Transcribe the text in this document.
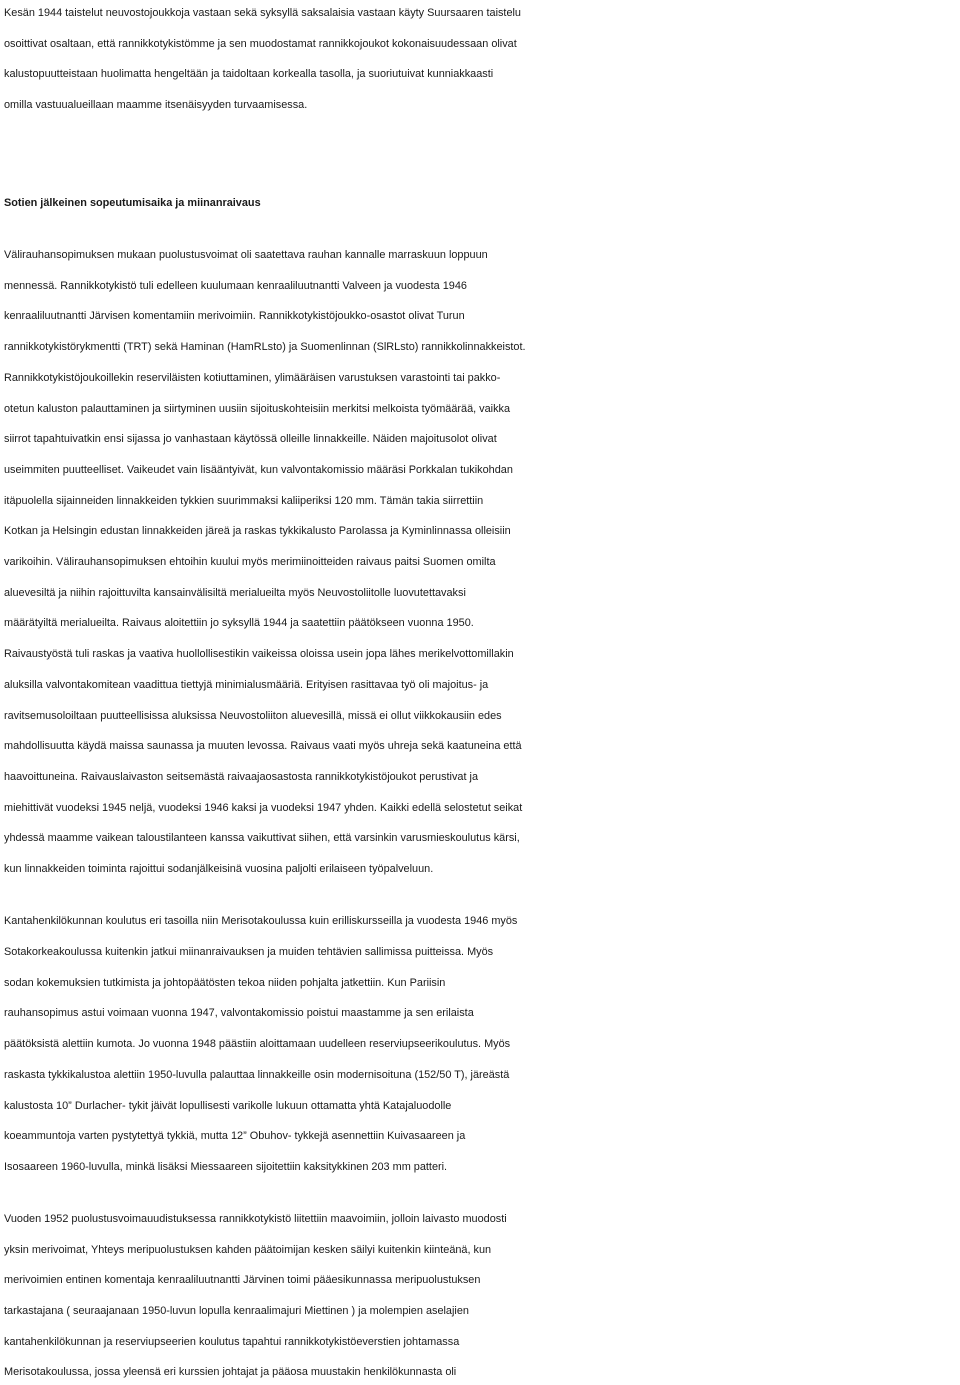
Kesän 1944 taistelut neuvostojoukkoja vastaan sekä syksyllä saksalaisia vastaan käyty Suursaaren taistelu

osoittivat osaltaan, että rannikkotykistömme ja sen muodostamat rannikkojoukot kokonaisuudessaan olivat

kalustopuutteistaan huolimatta hengeltään ja taidoltaan korkealla tasolla, ja suoriutuivat kunniakkaasti

omilla vastuualueillaan maamme itsenäisyyden turvaamisessa.

Sotien jälkeinen sopeutumisaika ja miinanraivaus

Välirauhansopimuksen mukaan puolustusvoimat oli saatettava rauhan kannalle marraskuun loppuun

mennessä. Rannikkotykistö tuli edelleen kuulumaan kenraaliluutnantti Valveen ja vuodesta 1946

kenraaliluutnantti Järvisen komentamiin merivoimiin. Rannikkotykistöjoukko-osastot olivat Turun

rannikkotykistörykmentti (TRT) sekä Haminan (HamRLsto) ja Suomenlinnan (SlRLsto) rannikkolinnakkeistot.

Rannikkotykistöjoukoillekin reserviläisten kotiuttaminen, ylimääräisen varustuksen varastointi tai pakko-

otetun kaluston palauttaminen ja siirtyminen uusiin sijoituskohteisiin merkitsi melkoista työmäärää, vaikka

siirrot tapahtuivatkin ensi sijassa jo vanhastaan käytössä olleille linnakkeille. Näiden majoitusolot olivat

useimmiten puutteelliset. Vaikeudet vain lisääntyivät, kun valvontakomissio määräsi Porkkalan tukikohdan

itäpuolella sijainneiden linnakkeiden tykkien suurimmaksi kaliiperiksi 120 mm. Tämän takia siirrettiin

Kotkan ja Helsingin edustan linnakkeiden järeä ja raskas tykkikalusto Parolassa ja Kyminlinnassa olleisiin

varikoihin. Välirauhansopimuksen ehtoihin kuului myös merimiinoitteiden raivaus paitsi Suomen omilta

aluevesiltä ja niihin rajoittuvilta kansainvälisiltä merialueilta myös Neuvostoliitolle luovutettavaksi

määrätyiltä merialueilta. Raivaus aloitettiin jo syksyllä 1944 ja saatettiin päätökseen vuonna 1950.

Raivaustyöstä tuli raskas ja vaativa huollollisestikin vaikeissa oloissa usein jopa lähes merikelvottomillakin

aluksilla valvontakomitean vaadittua tiettyjä minimialusmääriä. Erityisen rasittavaa työ oli majoitus- ja

ravitsemusoloiltaan puutteellisissa aluksissa Neuvostoliiton aluevesillä, missä ei ollut viikkokausiin edes

mahdollisuutta käydä maissa saunassa ja muuten levossa. Raivaus vaati myös uhreja sekä kaatuneina että

haavoittuneina. Raivauslaivaston seitsemästä raivaajaosastosta rannikkotykistöjoukot perustivat ja

miehittivät vuodeksi 1945 neljä, vuodeksi 1946 kaksi ja vuodeksi 1947 yhden. Kaikki edellä selostetut seikat

yhdessä maamme vaikean taloustilanteen kanssa vaikuttivat siihen, että varsinkin varusmieskoulutus kärsi,

kun linnakkeiden toiminta rajoittui sodanjälkeisinä vuosina paljolti erilaiseen työpalveluun.

Kantahenkilökunnan koulutus eri tasoilla niin Merisotakoulussa kuin erilliskursseilla ja vuodesta 1946 myös

Sotakorkeakoulussa kuitenkin jatkui miinanraivauksen ja muiden tehtävien sallimissa puitteissa. Myös

sodan kokemuksien tutkimista ja johtopäätösten tekoa niiden pohjalta jatkettiin. Kun Pariisin

rauhansopimus astui voimaan vuonna 1947, valvontakomissio poistui maastamme ja sen erilaista

päätöksistä alettiin kumota. Jo vuonna 1948 päästiin aloittamaan uudelleen reserviupseerikoulutus. Myös

raskasta tykkikalustoa alettiin 1950-luvulla palauttaa linnakkeille osin modernisoituna (152/50 T), järeästä

kalustosta 10” Durlacher- tykit jäivät lopullisesti varikolle lukuun ottamatta yhtä Katajaluodolle

koeammuntoja varten pystytettyä tykkiä, mutta 12” Obuhov- tykkejä asennettiin Kuivasaareen ja

Isosaareen 1960-luvulla, minkä lisäksi Miessaareen sijoitettiin kaksitykkinen 203 mm patteri.

Vuoden 1952 puolustusvoimauudistuksessa rannikkotykistö liitettiin maavoimiin, jolloin laivasto muodosti

yksin merivoimat, Yhteys meripuolustuksen kahden päätoimijan kesken säilyi kuitenkin kiinteänä, kun

merivoimien entinen komentaja kenraaliluutnantti Järvinen toimi pääesikunnassa meripuolustuksen

tarkastajana ( seuraajanaan 1950-luvun lopulla kenraalimajuri Miettinen ) ja molempien aselajien

kantahenkilökunnan ja reserviupseerien koulutus tapahtui rannikkotykistöeverstien johtamassa

Merisotakoulussa, jossa yleensä eri kurssien johtajat ja pääosa muustakin henkilökunnasta oli
